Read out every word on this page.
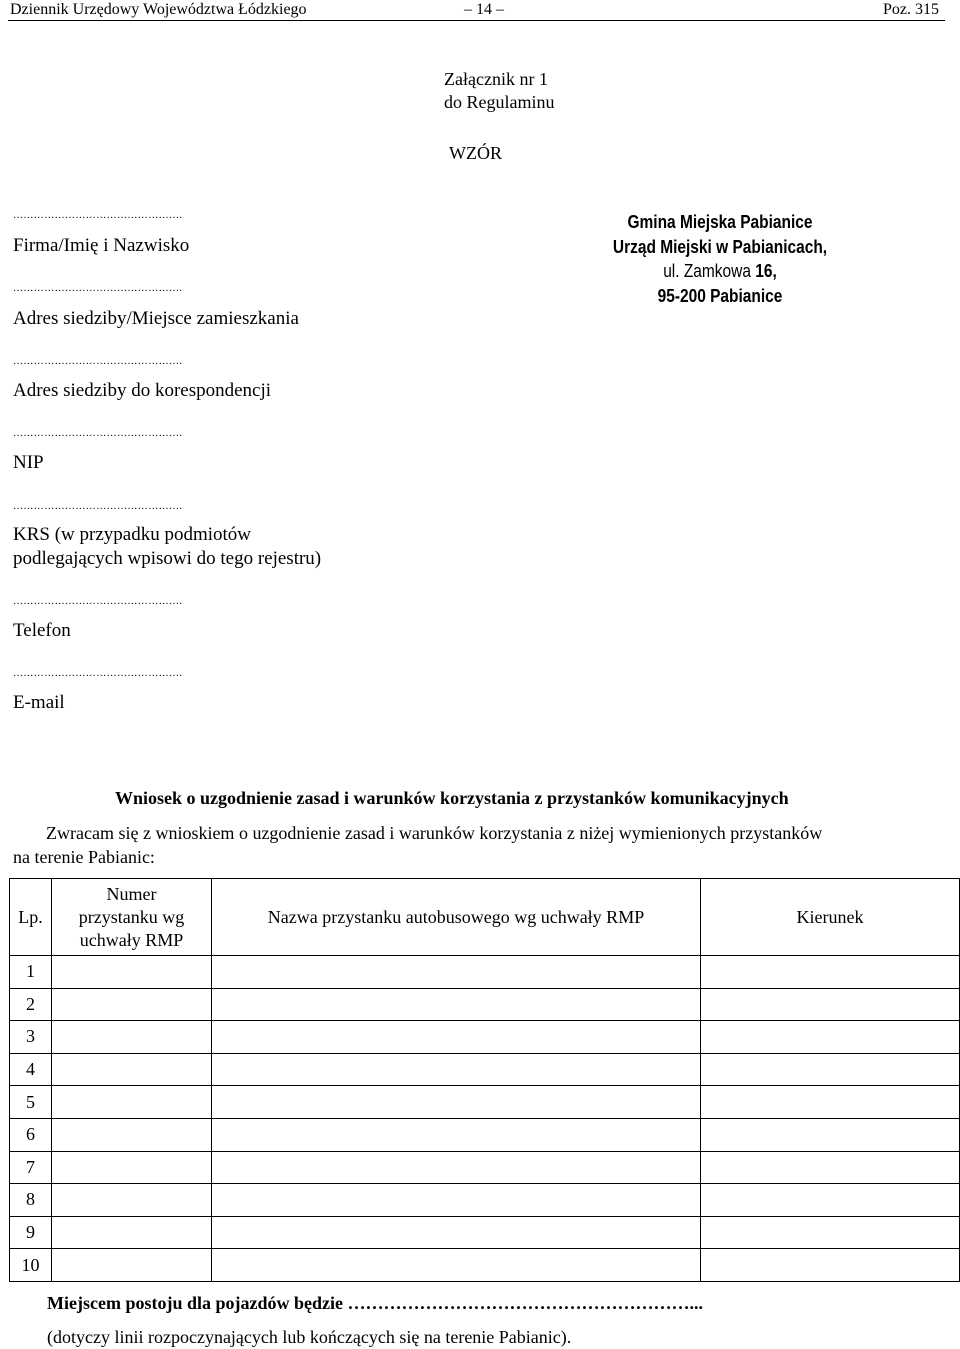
Dziennik Urzędowy Województwa Łódzkiego	– 14 –	Poz. 315
Załącznik nr 1
do Regulaminu
WZÓR
………………………………………….
Firma/Imię i Nazwisko
………………………………………….
Adres siedziby/Miejsce zamieszkania
………………………………………….
Adres siedziby do korespondencji
………………………………………….
NIP
………………………………………….
KRS (w przypadku podmiotów
podlegających wpisowi do tego rejestru)
………………………………………….
Telefon
………………………………………….
E-mail
Gmina Miejska Pabianice
Urząd Miejski w Pabianicach,
ul. Zamkowa 16,
95-200 Pabianice
Wniosek o uzgodnienie zasad i warunków korzystania z przystanków komunikacyjnych
Zwracam się z wnioskiem o uzgodnienie zasad i warunków korzystania z niżej wymienionych przystanków
na terenie Pabianic:
Lp.	Numer przystanku wg uchwały RMP	Nazwa przystanku autobusowego wg uchwały RMP	Kierunek
1			
2			
3			
4			
5			
6			
7			
8			
9			
10			
Miejscem postoju dla pojazdów będzie …………………………………………………...
(dotyczy linii rozpoczynających lub kończących się na terenie Pabianic).
